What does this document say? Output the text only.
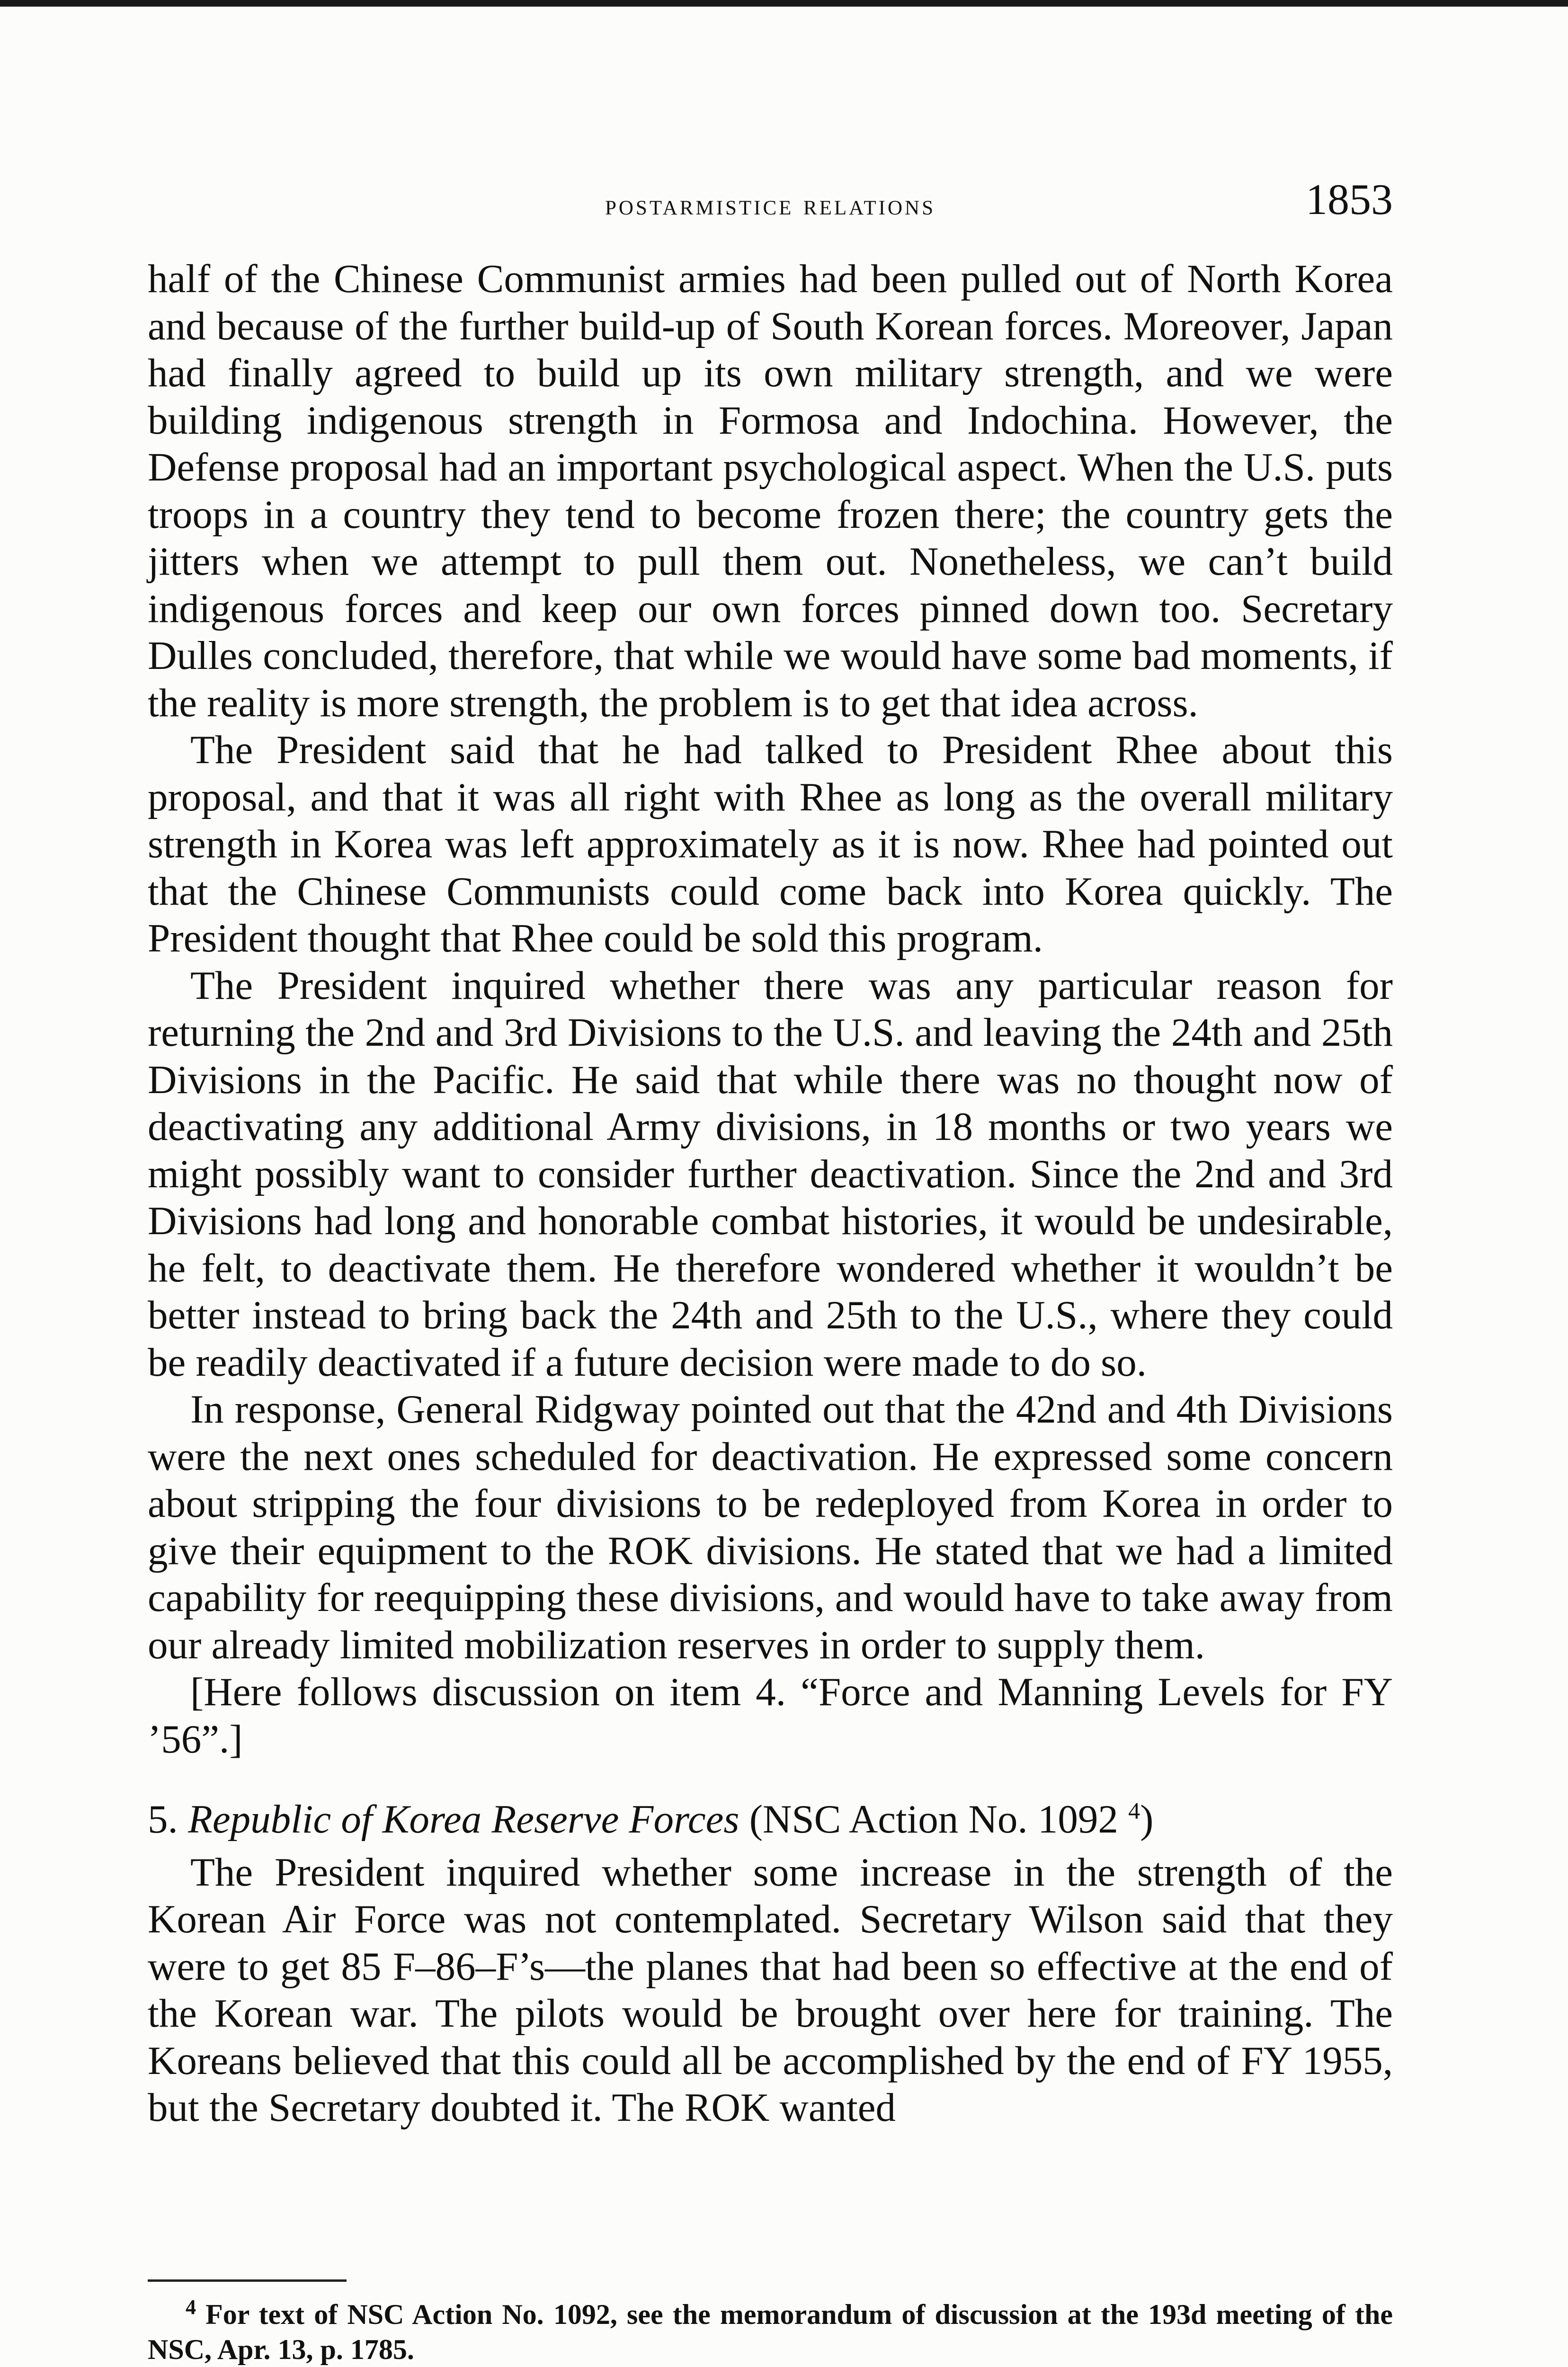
postarmistice relations	1853

half of the Chinese Communist armies had been pulled out of North Korea and because of the further build-up of South Korean forces. Moreover, Japan had finally agreed to build up its own military strength, and we were building indigenous strength in Formosa and Indochina. However, the Defense proposal had an important psychological aspect. When the U.S. puts troops in a country they tend to become frozen there; the country gets the jitters when we attempt to pull them out. Nonetheless, we can’t build indigenous forces and keep our own forces pinned down too. Secretary Dulles concluded, therefore, that while we would have some bad moments, if the reality is more strength, the problem is to get that idea across.

The President said that he had talked to President Rhee about this proposal, and that it was all right with Rhee as long as the overall military strength in Korea was left approximately as it is now. Rhee had pointed out that the Chinese Communists could come back into Korea quickly. The President thought that Rhee could be sold this program.

The President inquired whether there was any particular reason for returning the 2nd and 3rd Divisions to the U.S. and leaving the 24th and 25th Divisions in the Pacific. He said that while there was no thought now of deactivating any additional Army divisions, in 18 months or two years we might possibly want to consider further deactivation. Since the 2nd and 3rd Divisions had long and honorable combat histories, it would be undesirable, he felt, to deactivate them. He therefore wondered whether it wouldn’t be better instead to bring back the 24th and 25th to the U.S., where they could be readily deactivated if a future decision were made to do so.

In response, General Ridgway pointed out that the 42nd and 4th Divisions were the next ones scheduled for deactivation. He expressed some concern about stripping the four divisions to be redeployed from Korea in order to give their equipment to the ROK divisions. He stated that we had a limited capability for reequipping these divisions, and would have to take away from our already limited mobilization reserves in order to supply them.

[Here follows discussion on item 4. “Force and Manning Levels for FY ’56”.]

5. Republic of Korea Reserve Forces (NSC Action No. 1092 $^4$)

The President inquired whether some increase in the strength of the Korean Air Force was not contemplated. Secretary Wilson said that they were to get 85 F–86–F’s—the planes that had been so effective at the end of the Korean war. The pilots would be brought over here for training. The Koreans believed that this could all be accomplished by the end of FY 1955, but the Secretary doubted it. The ROK wanted

$^4$ For text of NSC Action No. 1092, see the memorandum of discussion at the 193d meeting of the NSC, Apr. 13, p. 1785.
